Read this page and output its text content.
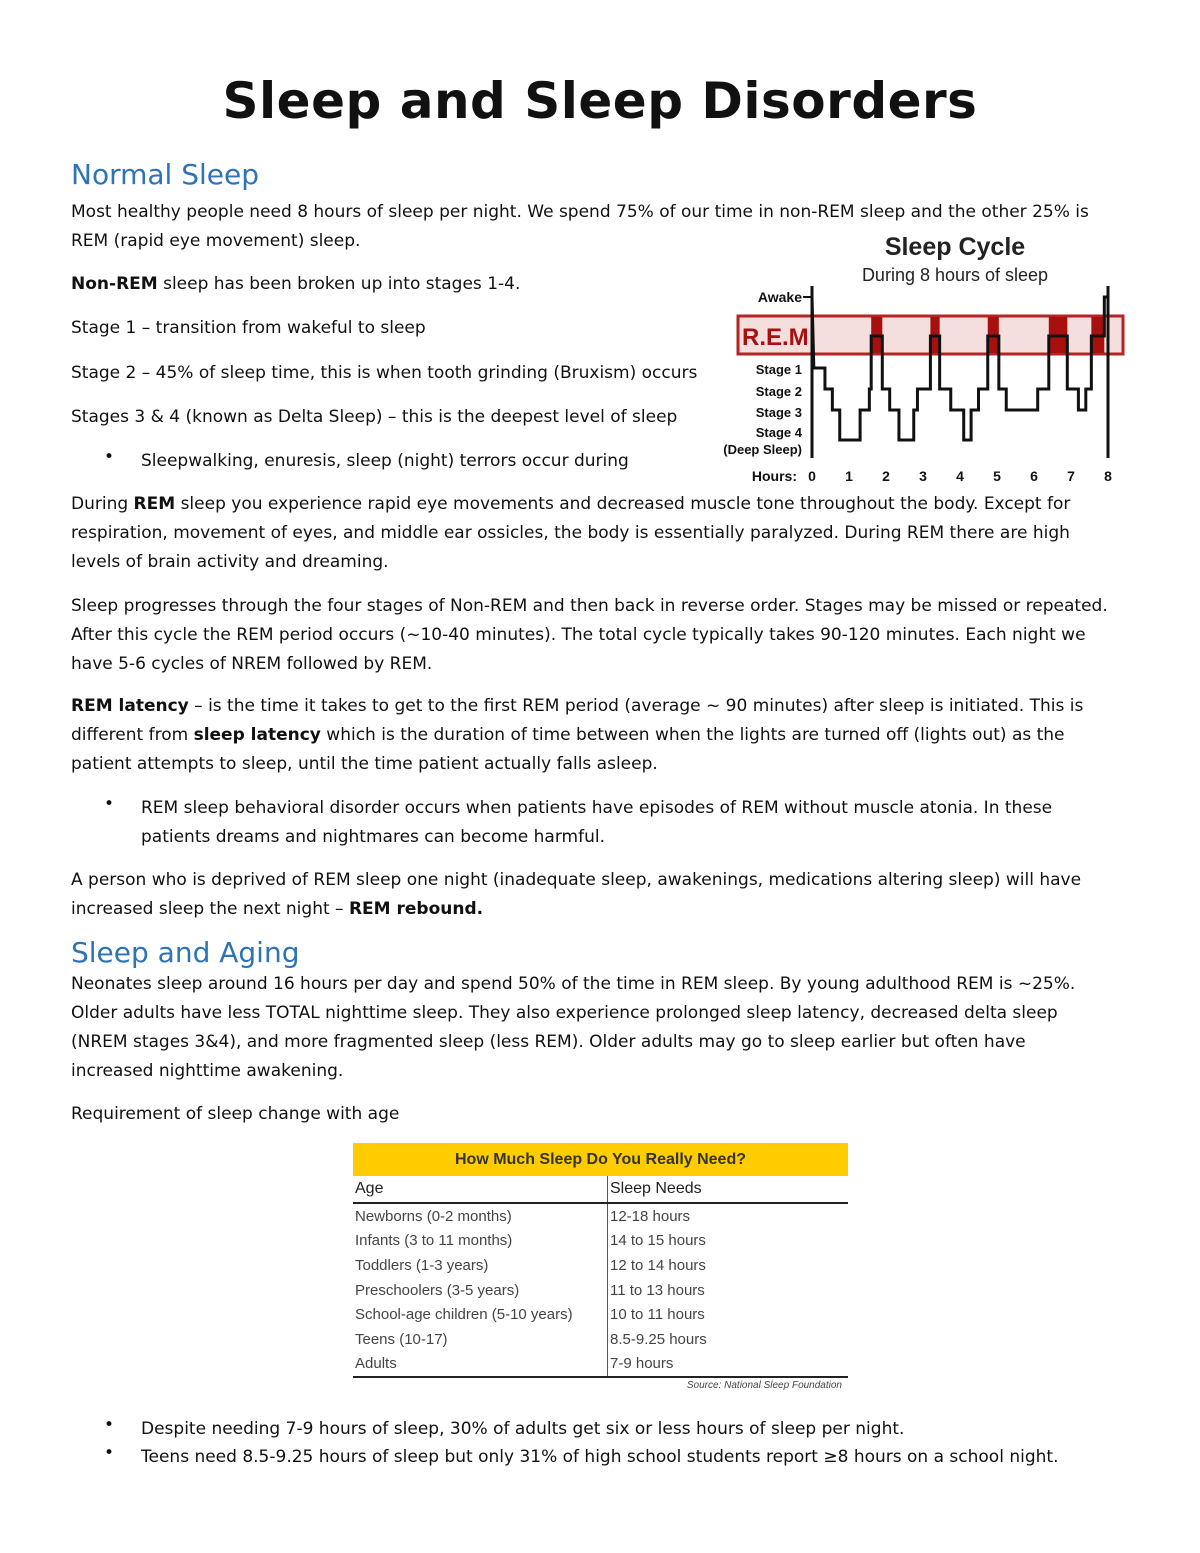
Sleep and Sleep Disorders
Normal Sleep

Most healthy people need 8 hours of sleep per night. We spend 75% of our time in non-REM sleep and the other 25% is
REM (rapid eye movement) sleep.

Non-REM sleep has been broken up into stages 1-4.

Stage 1 – transition from wakeful to sleep

Stage 2 – 45% of sleep time, this is when tooth grinding (Bruxism) occurs

Stages 3 & 4 (known as Delta Sleep) – this is the deepest level of sleep

• Sleepwalking, enuresis, sleep (night) terrors occur during

Sleep Cycle
During 8 hours of sleep
Awake
R.E.M
Stage 1
Stage 2
Stage 3
Stage 4
(Deep Sleep)
Hours: 0 1 2 3 4 5 6 7 8

During REM sleep you experience rapid eye movements and decreased muscle tone throughout the body. Except for
respiration, movement of eyes, and middle ear ossicles, the body is essentially paralyzed. During REM there are high
levels of brain activity and dreaming.

Sleep progresses through the four stages of Non-REM and then back in reverse order. Stages may be missed or repeated.
After this cycle the REM period occurs (~10-40 minutes). The total cycle typically takes 90-120 minutes. Each night we
have 5-6 cycles of NREM followed by REM.

REM latency – is the time it takes to get to the first REM period (average ~ 90 minutes) after sleep is initiated. This is
different from sleep latency which is the duration of time between when the lights are turned off (lights out) as the
patient attempts to sleep, until the time patient actually falls asleep.

• REM sleep behavioral disorder occurs when patients have episodes of REM without muscle atonia. In these
patients dreams and nightmares can become harmful.

A person who is deprived of REM sleep one night (inadequate sleep, awakenings, medications altering sleep) will have
increased sleep the next night – REM rebound.

Sleep and Aging

Neonates sleep around 16 hours per day and spend 50% of the time in REM sleep. By young adulthood REM is ~25%.
Older adults have less TOTAL nighttime sleep. They also experience prolonged sleep latency, decreased delta sleep
(NREM stages 3&4), and more fragmented sleep (less REM). Older adults may go to sleep earlier but often have
increased nighttime awakening.

Requirement of sleep change with age

How Much Sleep Do You Really Need?
Age	Sleep Needs
Newborns (0-2 months)	12-18 hours
Infants (3 to 11 months)	14 to 15 hours
Toddlers (1-3 years)	12 to 14 hours
Preschoolers (3-5 years)	11 to 13 hours
School-age children (5-10 years)	10 to 11 hours
Teens (10-17)	8.5-9.25 hours
Adults	7-9 hours
Source: National Sleep Foundation
• Despite needing 7-9 hours of sleep, 30% of adults get six or less hours of sleep per night.

• Teens need 8.5-9.25 hours of sleep but only 31% of high school students report ≥8 hours on a school night.
